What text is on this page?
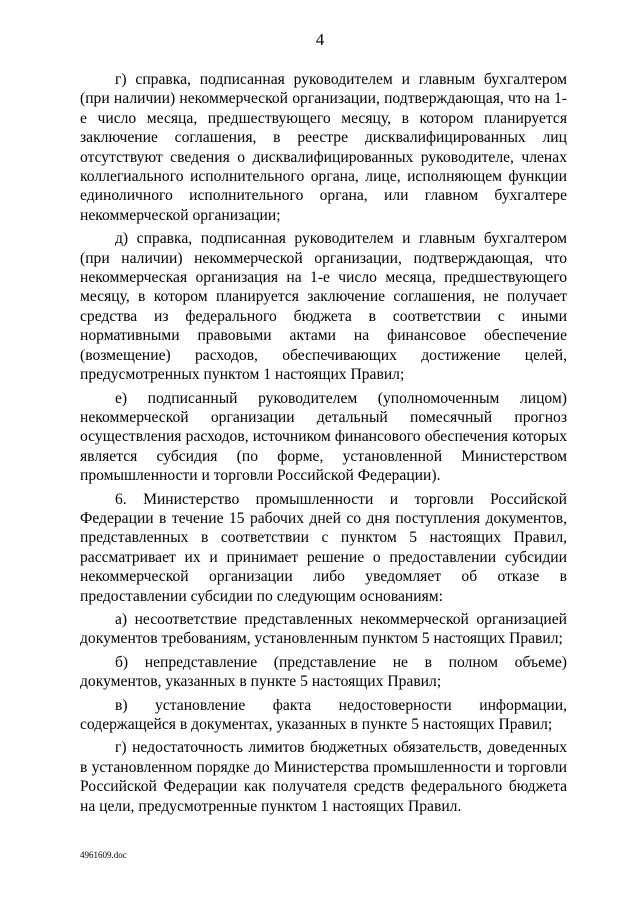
4

г) справка, подписанная руководителем и главным бухгалтером (при наличии) некоммерческой организации, подтверждающая, что на 1-е число месяца, предшествующего месяцу, в котором планируется заключение соглашения, в реестре дисквалифицированных лиц отсутствуют сведения о дисквалифицированных руководителе, членах коллегиального исполнительного органа, лице, исполняющем функции единоличного исполнительного органа, или главном бухгалтере некоммерческой организации;

д) справка, подписанная руководителем и главным бухгалтером (при наличии) некоммерческой организации, подтверждающая, что некоммерческая организация на 1-е число месяца, предшествующего месяцу, в котором планируется заключение соглашения, не получает средства из федерального бюджета в соответствии с иными нормативными правовыми актами на финансовое обеспечение (возмещение) расходов, обеспечивающих достижение целей, предусмотренных пунктом 1 настоящих Правил;

е) подписанный руководителем (уполномоченным лицом) некоммерческой организации детальный помесячный прогноз осуществления расходов, источником финансового обеспечения которых является субсидия (по форме, установленной Министерством промышленности и торговли Российской Федерации).

6. Министерство промышленности и торговли Российской Федерации в течение 15 рабочих дней со дня поступления документов, представленных в соответствии с пунктом 5 настоящих Правил, рассматривает их и принимает решение о предоставлении субсидии некоммерческой организации либо уведомляет об отказе в предоставлении субсидии по следующим основаниям:

а) несоответствие представленных некоммерческой организацией документов требованиям, установленным пунктом 5 настоящих Правил;

б) непредставление (представление не в полном объеме) документов, указанных в пункте 5 настоящих Правил;

в) установление факта недостоверности информации, содержащейся в документах, указанных в пункте 5 настоящих Правил;

г) недостаточность лимитов бюджетных обязательств, доведенных в установленном порядке до Министерства промышленности и торговли Российской Федерации как получателя средств федерального бюджета на цели, предусмотренные пунктом 1 настоящих Правил.

4961609.doc
